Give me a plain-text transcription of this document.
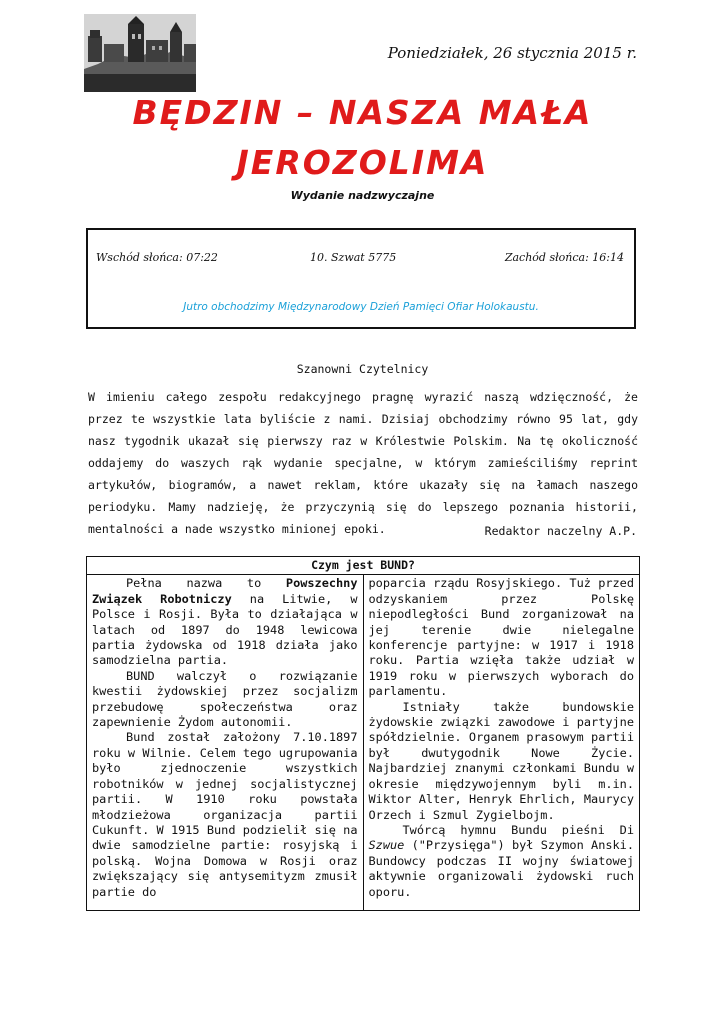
Poniedziałek, 26 stycznia 2015 r.
BĘDZIN – NASZA MAŁA JEROZOLIMA
Wydanie nadzwyczajne
Wschód słońca: 07:22	10. Szwat 5775	Zachód słońca: 16:14
Jutro obchodzimy Międzynarodowy Dzień Pamięci Ofiar Holokaustu.
Szanowni Czytelnicy
W imieniu całego zespołu redakcyjnego pragnę wyrazić naszą wdzięczność, że przez te wszystkie lata byliście z nami. Dzisiaj obchodzimy równo 95 lat, gdy nasz tygodnik ukazał się pierwszy raz w Królestwie Polskim. Na tę okoliczność oddajemy do waszych rąk wydanie specjalne, w którym zamieściliśmy reprint artykułów, biogramów, a nawet reklam, które ukazały się na łamach naszego periodyku. Mamy nadzieję, że przyczynią się do lepszego poznania historii, mentalności a nade wszystko minionej epoki.	Redaktor naczelny A.P.
Czym jest BUND?

Pełna nazwa to Powszechny Związek Robotniczy na Litwie, w Polsce i Rosji. Była to działająca w latach od 1897 do 1948 lewicowa partia żydowska od 1918 działa jako samodzielna partia.

BUND walczył o rozwiązanie kwestii żydowskiej przez socjalizm przebudowę społeczeństwa oraz zapewnienie Żydom autonomii.

Bund został założony 7.10.1897 roku w Wilnie. Celem tego ugrupowania było zjednoczenie wszystkich robotników w jednej socjalistycznej partii. W 1910 roku powstała młodzieżowa organizacja partii Cukunft. W 1915 Bund podzielił się na dwie samodzielne partie: rosyjską i polską. Wojna Domowa w Rosji oraz zwiększający się antysemityzm zmusił partie do

poparcia rządu Rosyjskiego. Tuż przed odzyskaniem przez Polskę niepodległości Bund zorganizował na jej terenie dwie nielegalne konferencje partyjne: w 1917 i 1918 roku. Partia wzięła także udział w 1919 roku w pierwszych wyborach do parlamentu.

Istniały także bundowskie żydowskie związki zawodowe i partyjne spółdzielnie. Organem prasowym partii był dwutygodnik Nowe Życie. Najbardziej znanymi członkami Bundu w okresie międzywojennym byli m.in. Wiktor Alter, Henryk Ehrlich, Maurycy Orzech i Szmul Zygielbojm.

Twórcą hymnu Bundu pieśni Di Szwue ("Przysięga") był Szymon Anski. Bundowcy podczas II wojny światowej aktywnie organizowali żydowski ruch oporu.
